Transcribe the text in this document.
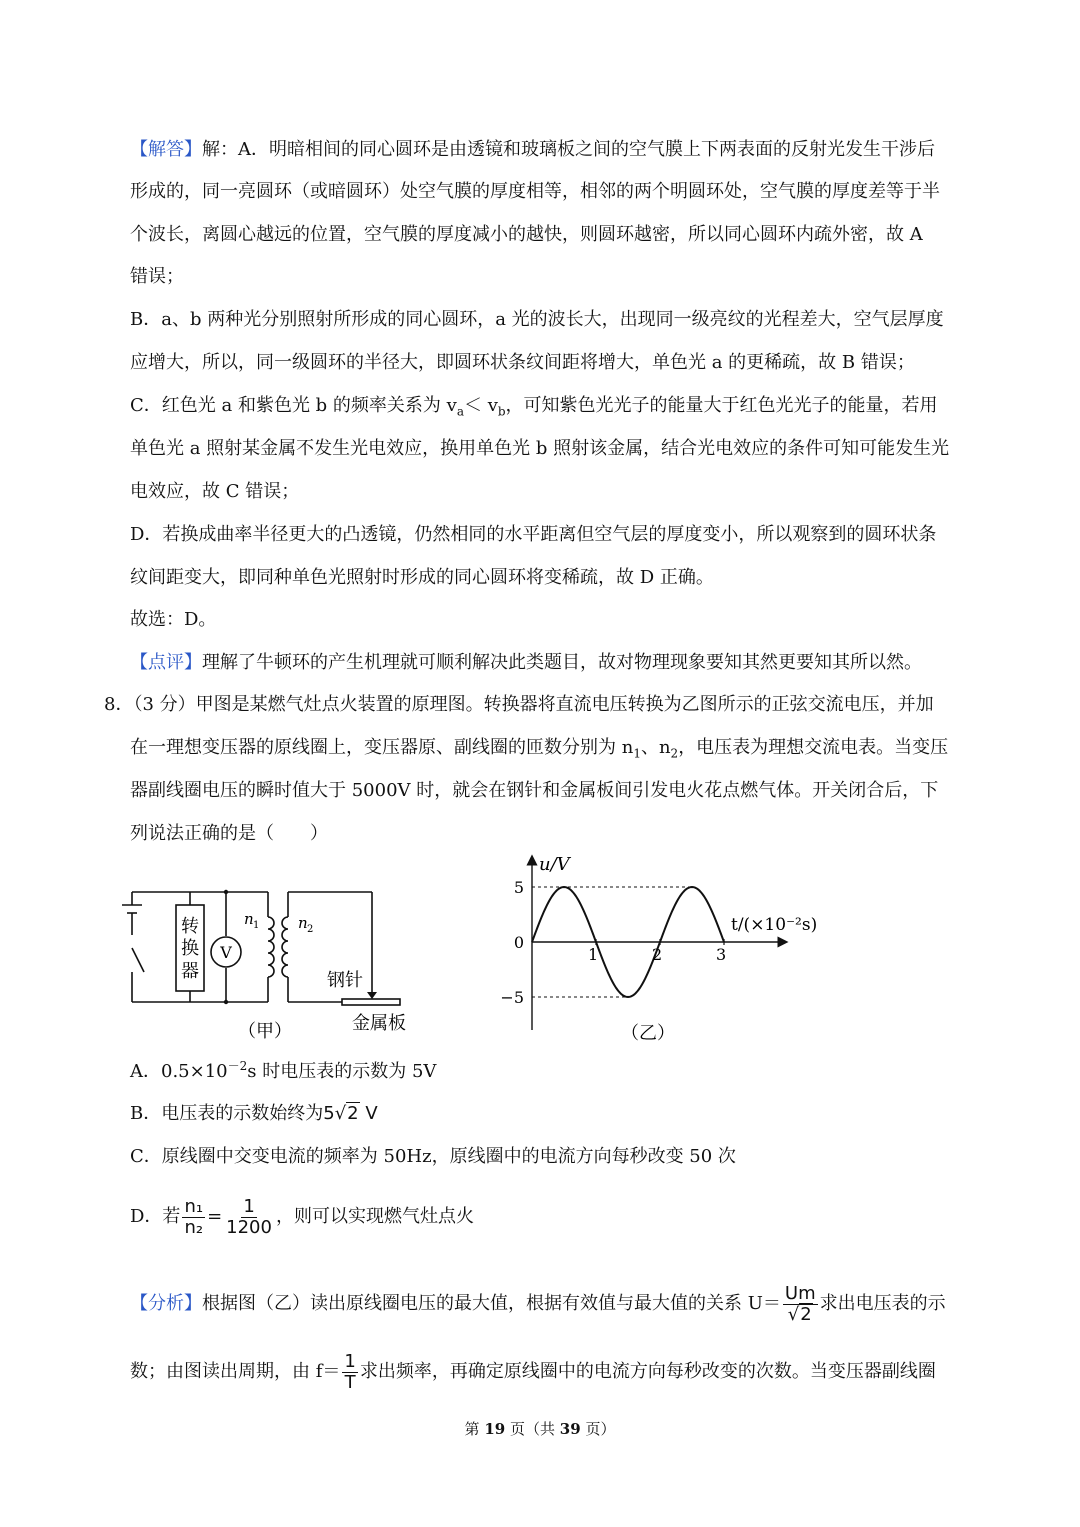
【解答】解：A．明暗相间的同心圆环是由透镜和玻璃板之间的空气膜上下两表面的反射光发生干涉后
形成的，同一亮圆环（或暗圆环）处空气膜的厚度相等，相邻的两个明圆环处，空气膜的厚度差等于半
个波长，离圆心越远的位置，空气膜的厚度减小的越快，则圆环越密，所以同心圆环内疏外密，故 A
错误；
B．a、b 两种光分别照射所形成的同心圆环，a 光的波长大，出现同一级亮纹的光程差大，空气层厚度
应增大，所以，同一级圆环的半径大，即圆环状条纹间距将增大，单色光 a 的更稀疏，故 B 错误；
C．红色光 a 和紫色光 b 的频率关系为 $v_a< v_b$，可知紫色光光子的能量大于红色光光子的能量，若用
单色光 a 照射某金属不发生光电效应，换用单色光 b 照射该金属，结合光电效应的条件可知可能发生光
电效应，故 C 错误；
D．若换成曲率半径更大的凸透镜，仍然相同的水平距离但空气层的厚度变小，所以观察到的圆环状条
纹间距变大，即同种单色光照射时形成的同心圆环将变稀疏，故 D 正确。
故选：D。
【点评】理解了牛顿环的产生机理就可顺利解决此类题目，故对物理现象要知其然更要知其所以然。
8．（3 分）甲图是某燃气灶点火装置的原理图。转换器将直流电压转换为乙图所示的正弦交流电压，并加
在一理想变压器的原线圈上，变压器原、副线圈的匝数分别为 $n_1$、$n_2$，电压表为理想交流电表。当变压
器副线圈电压的瞬时值大于 5000V 时，就会在钢针和金属板间引发电火花点燃气体。开关闭合后，下
列说法正确的是（　　）
转
换
器
V
n 1	n 2
钢针
金属板
（甲）
1	2	3
5
0
−5
u/V
t/(×10⁻²s)
（乙）
A．$0.5\times 10^{-2}s$ 时电压表的示数为 5V
B．电压表的示数始终为5√2 V
C．原线圈中交变电流的频率为 50Hz，原线圈中的电流方向每秒改变 50 次
D．若 $\frac{\text{n₁}}{\text{n₂}} = \frac{1}{1200}$ ，则可以实现燃气灶点火
【分析】根据图（乙）读出原线圈电压的最大值，根据有效值与最大值的关系 $U= \frac{Um}{√2}$ 求出电压表的示
数；由图读出周期，由 $f= \frac{1}{T}$ 求出频率，再确定原线圈中的电流方向每秒改变的次数。当变压器副线圈
第 19 页（共 39 页）
